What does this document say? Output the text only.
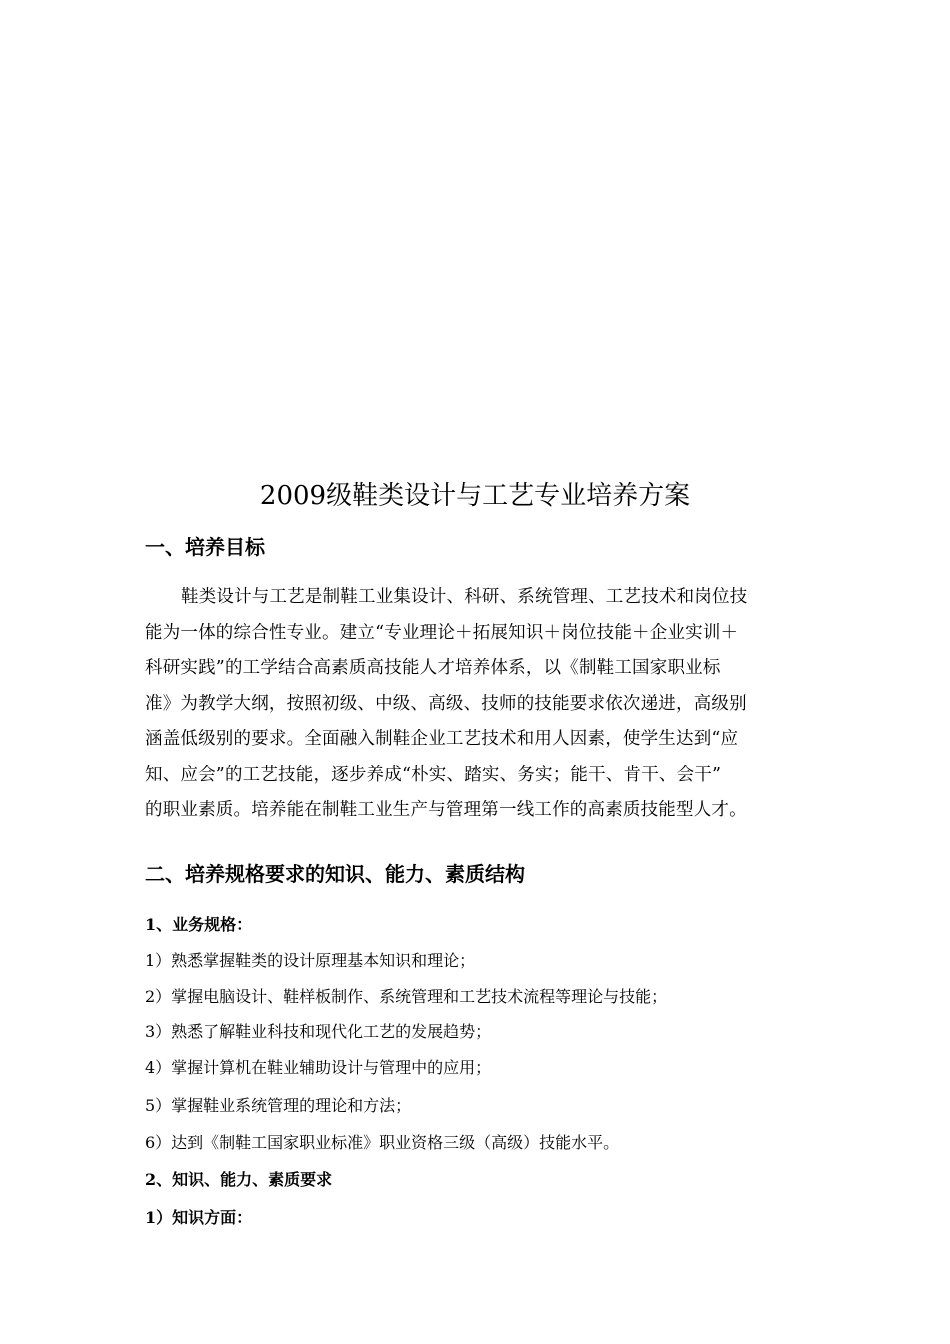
2009级鞋类设计与工艺专业培养方案
一、培养目标
鞋类设计与工艺是制鞋工业集设计、科研、系统管理、工艺技术和岗位技
能为一体的综合性专业。建立“专业理论＋拓展知识＋岗位技能＋企业实训＋
科研实践”的工学结合高素质高技能人才培养体系，以《制鞋工国家职业标
准》为教学大纲，按照初级、中级、高级、技师的技能要求依次递进，高级别
涵盖低级别的要求。全面融入制鞋企业工艺技术和用人因素，使学生达到“应
知、应会”的工艺技能，逐步养成“朴实、踏实、务实；能干、肯干、会干”
的职业素质。培养能在制鞋工业生产与管理第一线工作的高素质技能型人才。
二、培养规格要求的知识、能力、素质结构
1、业务规格：
1）熟悉掌握鞋类的设计原理基本知识和理论；
2）掌握电脑设计、鞋样板制作、系统管理和工艺技术流程等理论与技能；
3）熟悉了解鞋业科技和现代化工艺的发展趋势；
4）掌握计算机在鞋业辅助设计与管理中的应用；
5）掌握鞋业系统管理的理论和方法；
6）达到《制鞋工国家职业标准》职业资格三级（高级）技能水平。
2、知识、能力、素质要求
1）知识方面：
